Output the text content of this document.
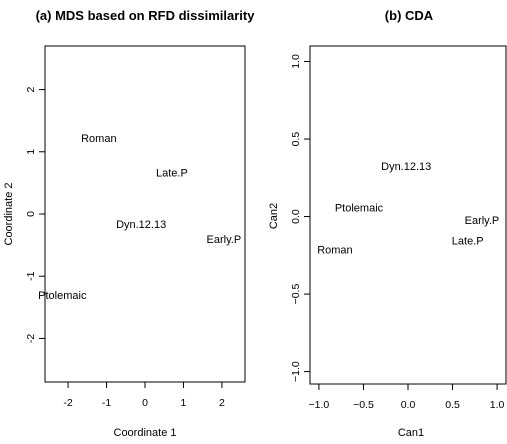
(a) MDS based on RFD dissimilarity
Coordinate 1
Coordinate 2
-2	-1	0	1	2
-2
-1
0
1
2
Roman
Late.P
Dyn.12.13
Early.P
Ptolemaic
(b) CDA
Can1
Can2
−1.0 −0.5	0.0	0.5	1.0
−1.0
−0.5
0.0
0.5
1.0
Dyn.12.13
Ptolemaic
Early.P
Late.P
Roman
